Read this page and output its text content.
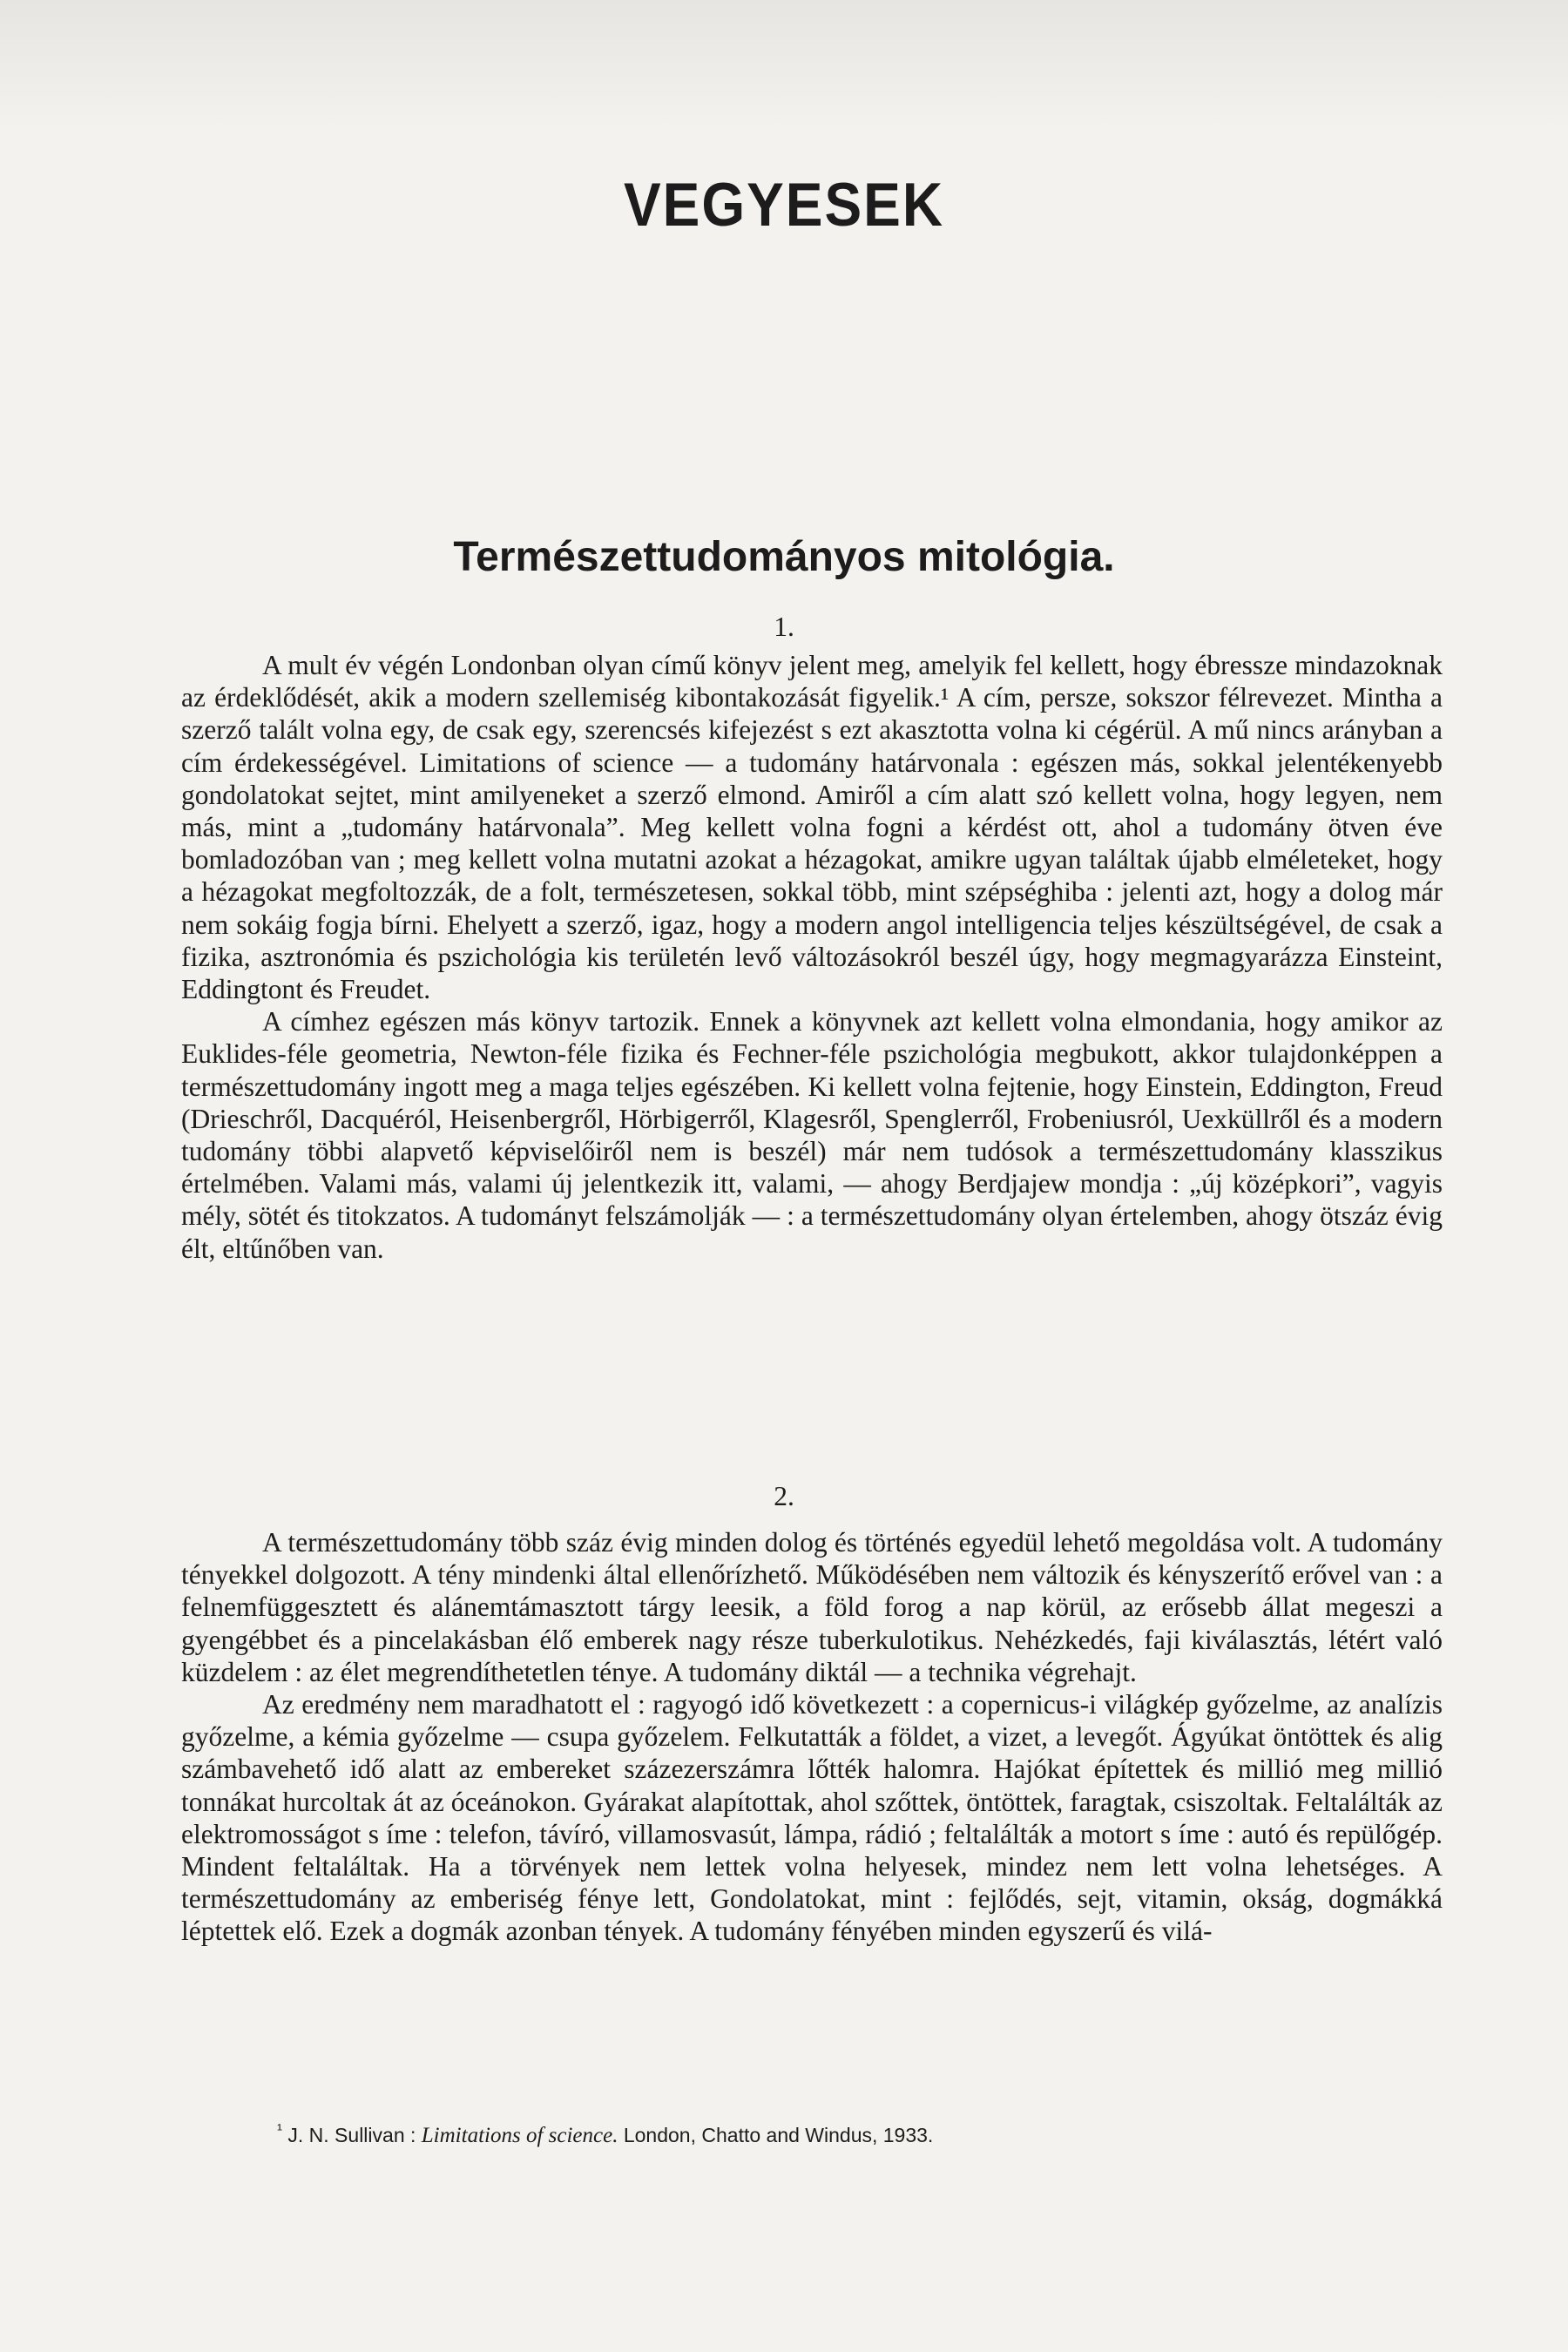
VEGYESEK
Természettudományos mitológia.
1.

A mult év végén Londonban olyan című könyv jelent meg, amelyik fel kellett, hogy ébressze mindazoknak az érdeklődését, akik a modern szellemiség kibontakozását figyelik.¹ A cím, persze, sokszor félrevezet. Mintha a szerző talált volna egy, de csak egy, szerencsés kifejezést s ezt akasztotta volna ki cégérül. A mű nincs arányban a cím érdekességével. Limitations of science — a tudomány határvonala : egészen más, sokkal jelentékenyebb gondolatokat sejtet, mint amilyeneket a szerző elmond. Amiről a cím alatt szó kellett volna, hogy legyen, nem más, mint a „tudomány határvonala”. Meg kellett volna fogni a kérdést ott, ahol a tudomány ötven éve bomladozóban van ; meg kellett volna mutatni azokat a hézagokat, amikre ugyan találtak újabb elméleteket, hogy a hézagokat megfoltozzák, de a folt, természetesen, sokkal több, mint szépséghiba : jelenti azt, hogy a dolog már nem sokáig fogja bírni. Ehelyett a szerző, igaz, hogy a modern angol intelligencia teljes készültségével, de csak a fizika, asztronómia és pszichológia kis területén levő változásokról beszél úgy, hogy megmagyarázza Einsteint, Eddingtont és Freudet.

A címhez egészen más könyv tartozik. Ennek a könyvnek azt kellett volna elmondania, hogy amikor az Euklides-féle geometria, Newton-féle fizika és Fechner-féle pszichológia megbukott, akkor tulajdonképpen a természettudomány ingott meg a maga teljes egészében. Ki kellett volna fejtenie, hogy Einstein, Eddington, Freud (Drieschről, Dacquéról, Heisenbergről, Hörbigerről, Klagesről, Spenglerről, Frobeniusról, Uexküllről és a modern tudomány többi alapvető képviselőiről nem is beszél) már nem tudósok a természettudomány klasszikus értelmében. Valami más, valami új jelentkezik itt, valami, — ahogy Berdjajew mondja : „új középkori”, vagyis mély, sötét és titokzatos. A tudományt felszámolják — : a természettudomány olyan értelemben, ahogy ötszáz évig élt, eltűnőben van.

2.

A természettudomány több száz évig minden dolog és történés egyedül lehető megoldása volt. A tudomány tényekkel dolgozott. A tény mindenki által ellenőrízhető. Működésében nem változik és kényszerítő erővel van : a felnemfüggesztett és alánemtámasztott tárgy leesik, a föld forog a nap körül, az erősebb állat megeszi a gyengébbet és a pincelakásban élő emberek nagy része tuberkulotikus. Nehézkedés, faji kiválasztás, létért való küzdelem : az élet megrendíthetetlen ténye. A tudomány diktál — a technika végrehajt.

Az eredmény nem maradhatott el : ragyogó idő következett : a copernicus-i világkép győzelme, az analízis győzelme, a kémia győzelme — csupa győzelem. Felkutatták a földet, a vizet, a levegőt. Ágyúkat öntöttek és alig számbavehető idő alatt az embereket százezerszámra lőtték halomra. Hajókat építettek és millió meg millió tonnákat hurcoltak át az óceánokon. Gyárakat alapítottak, ahol szőttek, öntöttek, faragtak, csiszoltak. Feltalálták az elektromosságot s íme : telefon, távíró, villamosvasút, lámpa, rádió ; feltalálták a motort s íme : autó és repülőgép. Mindent feltaláltak. Ha a törvények nem lettek volna helyesek, mindez nem lett volna lehetséges. A természettudomány az emberiség fénye lett, Gondolatokat, mint : fejlődés, sejt, vitamin, okság, dogmákká léptettek elő. Ezek a dogmák azonban tények. A tudomány fényében minden egyszerű és vilá-

$^{^1}$ J. N. Sullivan : Limitations of science. London, Chatto and Windus, 1933.
